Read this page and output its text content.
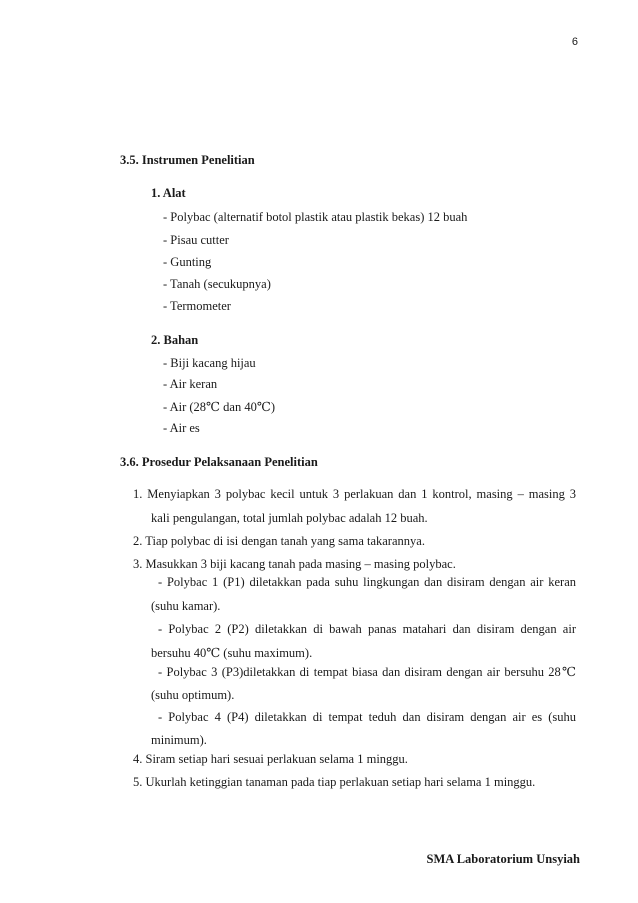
6
3.5. Instrumen Penelitian
1. Alat
- Polybac (alternatif botol plastik atau plastik bekas) 12 buah
- Pisau cutter
- Gunting
- Tanah (secukupnya)
- Termometer
2. Bahan
- Biji kacang hijau
- Air keran
- Air (28℃ dan 40℃)
- Air es
3.6. Prosedur Pelaksanaan Penelitian
1. Menyiapkan 3 polybac kecil untuk 3 perlakuan dan 1 kontrol, masing – masing 3
kali pengulangan, total jumlah polybac adalah 12 buah.
2. Tiap polybac di isi dengan tanah yang sama takarannya.
3. Masukkan 3 biji kacang tanah pada masing – masing polybac.
- Polybac 1 (P1) diletakkan pada suhu lingkungan dan disiram dengan air keran
(suhu kamar).
- Polybac 2 (P2) diletakkan di bawah panas matahari dan disiram dengan air
bersuhu 40℃ (suhu maximum).
- Polybac 3 (P3)diletakkan di tempat biasa dan disiram dengan air bersuhu 28℃
(suhu optimum).
- Polybac 4 (P4) diletakkan di tempat teduh dan disiram dengan air es (suhu
minimum).
4. Siram setiap hari sesuai perlakuan selama 1 minggu.
5. Ukurlah ketinggian tanaman pada tiap perlakuan setiap hari selama 1 minggu.
SMA Laboratorium Unsyiah
